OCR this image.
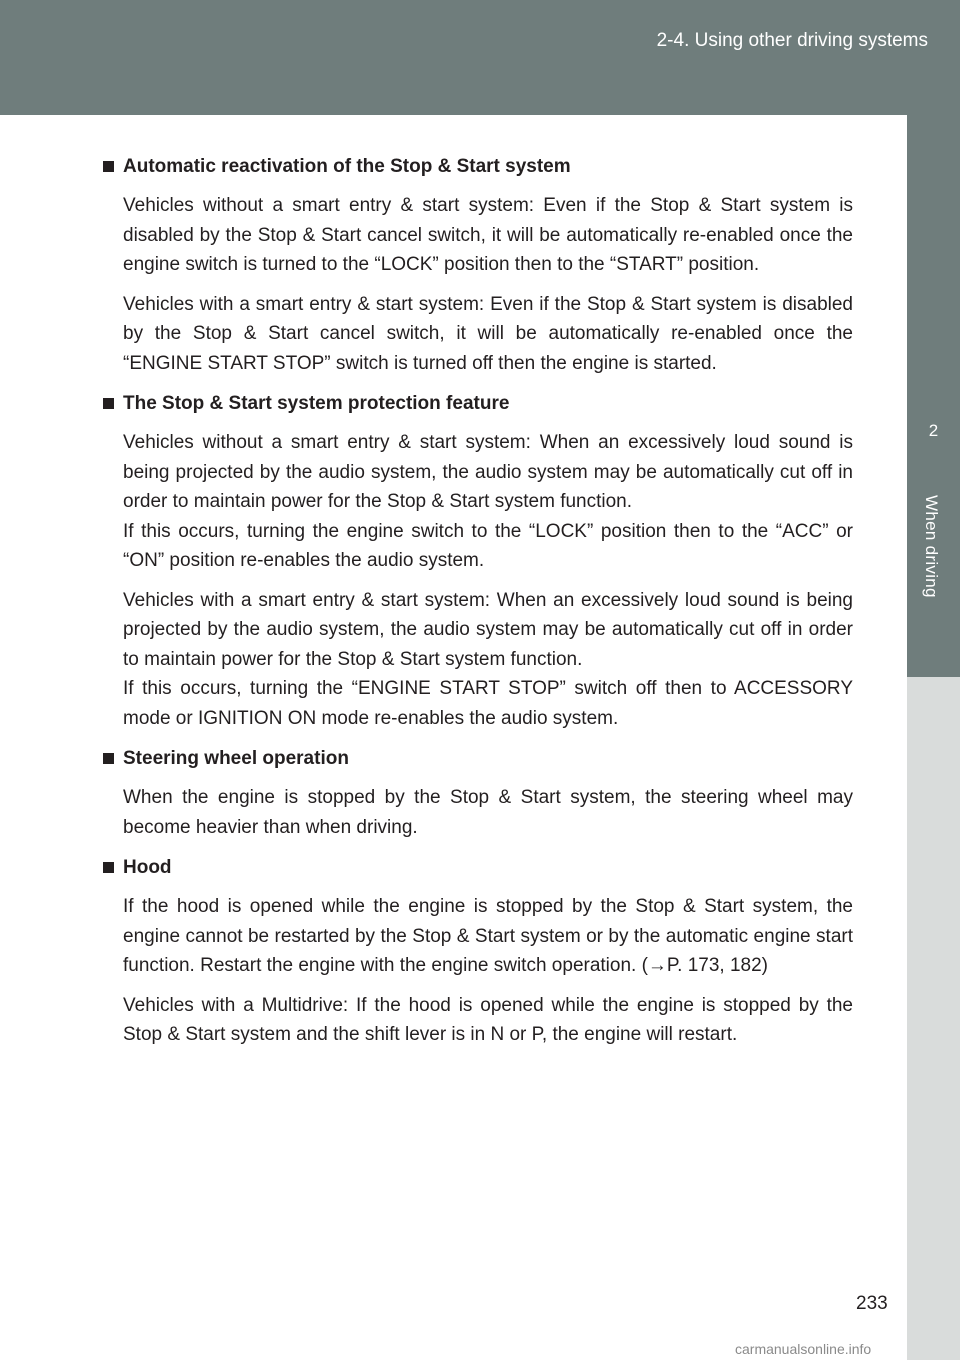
2-4. Using other driving systems
2
When driving
Automatic reactivation of the Stop & Start system
Vehicles without a smart entry & start system: Even if the Stop & Start system is disabled by the Stop & Start cancel switch, it will be automatically re-enabled once the engine switch is turned to the “LOCK” position then to the “START” position.
Vehicles with a smart entry & start system: Even if the Stop & Start system is disabled by the Stop & Start cancel switch, it will be automatically re-enabled once the “ENGINE START STOP” switch is turned off then the engine is started.
The Stop & Start system protection feature
Vehicles without a smart entry & start system: When an excessively loud sound is being projected by the audio system, the audio system may be automatically cut off in order to maintain power for the Stop & Start system function.
If this occurs, turning the engine switch to the “LOCK” position then to the “ACC” or “ON” position re-enables the audio system.
Vehicles with a smart entry & start system: When an excessively loud sound is being projected by the audio system, the audio system may be automatically cut off in order to maintain power for the Stop & Start system function.
If this occurs, turning the “ENGINE START STOP” switch off then to ACCESSORY mode or IGNITION ON mode re-enables the audio system.
Steering wheel operation
When the engine is stopped by the Stop & Start system, the steering wheel may become heavier than when driving.
Hood
If the hood is opened while the engine is stopped by the Stop & Start system, the engine cannot be restarted by the Stop & Start system or by the automatic engine start function. Restart the engine with the engine switch operation. (→P. 173, 182)
Vehicles with a Multidrive: If the hood is opened while the engine is stopped by the Stop & Start system and the shift lever is in N or P, the engine will restart.
233
carmanualsonline.info
